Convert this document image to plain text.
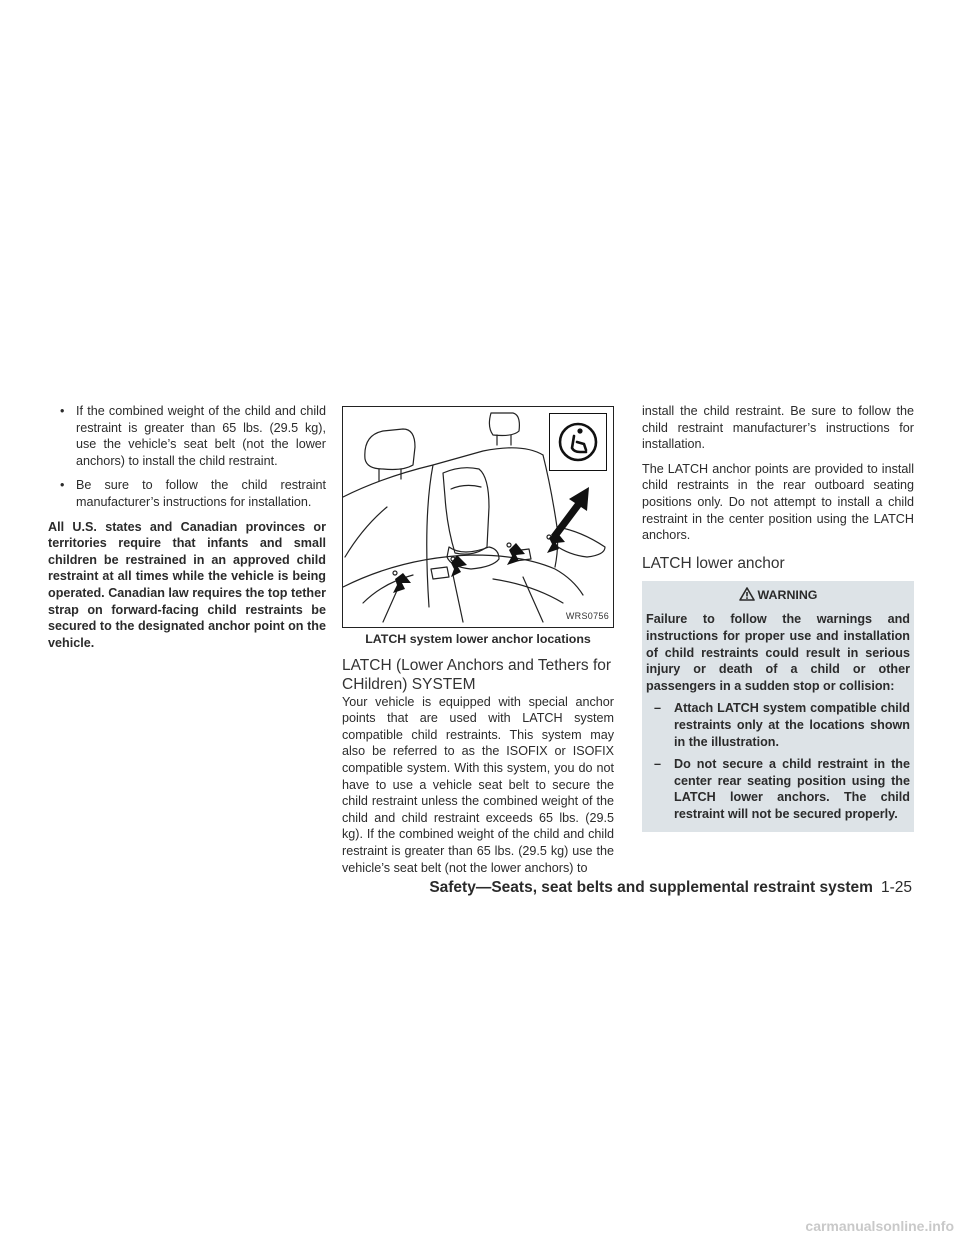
• If the combined weight of the child and child restraint is greater than 65 lbs. (29.5 kg), use the vehicle’s seat belt (not the lower anchors) to install the child restraint.

• Be sure to follow the child restraint manufacturer’s instructions for installation.

All U.S. states and Canadian provinces or territories require that infants and small children be restrained in an approved child restraint at all times while the vehicle is being operated. Canadian law requires the top tether strap on forward-facing child restraints be secured to the designated anchor point on the vehicle.

WRS0756

LATCH system lower anchor locations

LATCH (Lower Anchors and Tethers for CHildren) SYSTEM

Your vehicle is equipped with special anchor points that are used with LATCH system compatible child restraints. This system may also be referred to as the ISOFIX or ISOFIX compatible system. With this system, you do not have to use a vehicle seat belt to secure the child restraint unless the combined weight of the child and child restraint exceeds 65 lbs. (29.5 kg). If the combined weight of the child and child restraint is greater than 65 lbs. (29.5 kg) use the vehicle’s seat belt (not the lower anchors) to

install the child restraint. Be sure to follow the child restraint manufacturer’s instructions for installation.

The LATCH anchor points are provided to install child restraints in the rear outboard seating positions only. Do not attempt to install a child restraint in the center position using the LATCH anchors.

LATCH lower anchor

WARNING

Failure to follow the warnings and instructions for proper use and installation of child restraints could result in serious injury or death of a child or other passengers in a sudden stop or collision:

– Attach LATCH system compatible child restraints only at the locations shown in the illustration.

– Do not secure a child restraint in the center rear seating position using the LATCH lower anchors. The child restraint will not be secured properly.

Safety—Seats, seat belts and supplemental restraint system 1-25
carmanualsonline.info
